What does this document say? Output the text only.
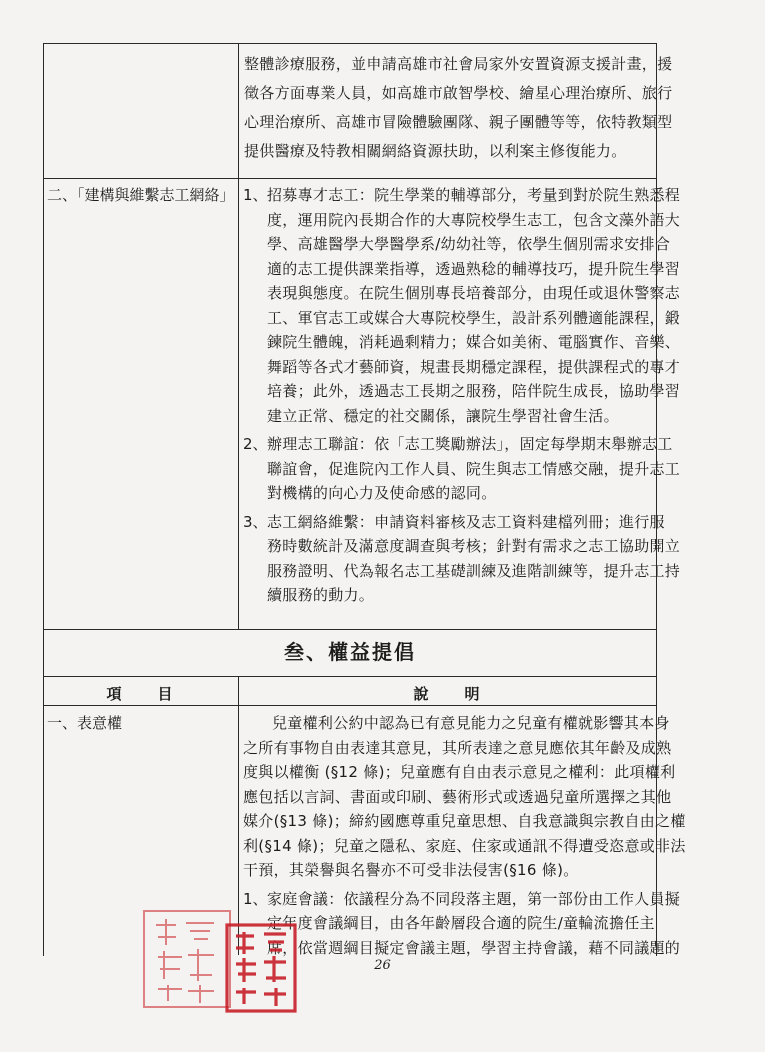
整體診療服務，並申請高雄市社會局家外安置資源支援計畫，援
徵各方面專業人員，如高雄市啟智學校、繪星心理治療所、旅行
心理治療所、高雄市冒險體驗團隊、親子團體等等，依特教類型
提供醫療及特教相關網絡資源扶助，以利案主修復能力。
二、「建構與維繫志工網絡」 1、 招募專才志工：院生學業的輔導部分，考量到對於院生熟悉程
度，運用院內長期合作的大專院校學生志工，包含文藻外語大
學、高雄醫學大學醫學系/幼幼社等，依學生個別需求安排合
適的志工提供課業指導，透過熟稔的輔導技巧，提升院生學習
表現與態度。在院生個別專長培養部分，由現任或退休警察志
工、軍官志工或媒合大專院校學生，設計系列體適能課程，鍛
鍊院生體魄，消耗過剩精力；媒合如美術、電腦實作、音樂、
舞蹈等各式才藝師資，規畫長期穩定課程，提供課程式的專才
培養；此外，透過志工長期之服務，陪伴院生成長，協助學習
建立正常、穩定的社交關係，讓院生學習社會生活。
2、 辦理志工聯誼：依「志工獎勵辦法」，固定每學期末舉辦志工
聯誼會，促進院內工作人員、院生與志工情感交融，提升志工
對機構的向心力及使命感的認同。
3、 志工網絡維繫：申請資料審核及志工資料建檔列冊；進行服
務時數統計及滿意度調查與考核；針對有需求之志工協助開立
服務證明、代為報名志工基礎訓練及進階訓練等，提升志工持
續服務的動力。
叁、權益提倡
項　　目	說　　明
一、表意權	兒童權利公約中認為已有意見能力之兒童有權就影響其本身
之所有事物自由表達其意見，其所表達之意見應依其年齡及成熟
度與以權衡 (§12 條)；兒童應有自由表示意見之權利：此項權利
應包括以言詞、書面或印刷、藝術形式或透過兒童所選擇之其他
媒介(§13 條)；締約國應尊重兒童思想、自我意識與宗教自由之權
利(§14 條)；兒童之隱私、家庭、住家或通訊不得遭受恣意或非法
干預，其榮譽與名譽亦不可受非法侵害(§16 條)。
1、 家庭會議：依議程分為不同段落主題，第一部份由工作人員擬
定年度會議綱目，由各年齡層段合適的院生/童輪流擔任主
席，依當週綱目擬定會議主題，學習主持會議，藉不同議題的
26
